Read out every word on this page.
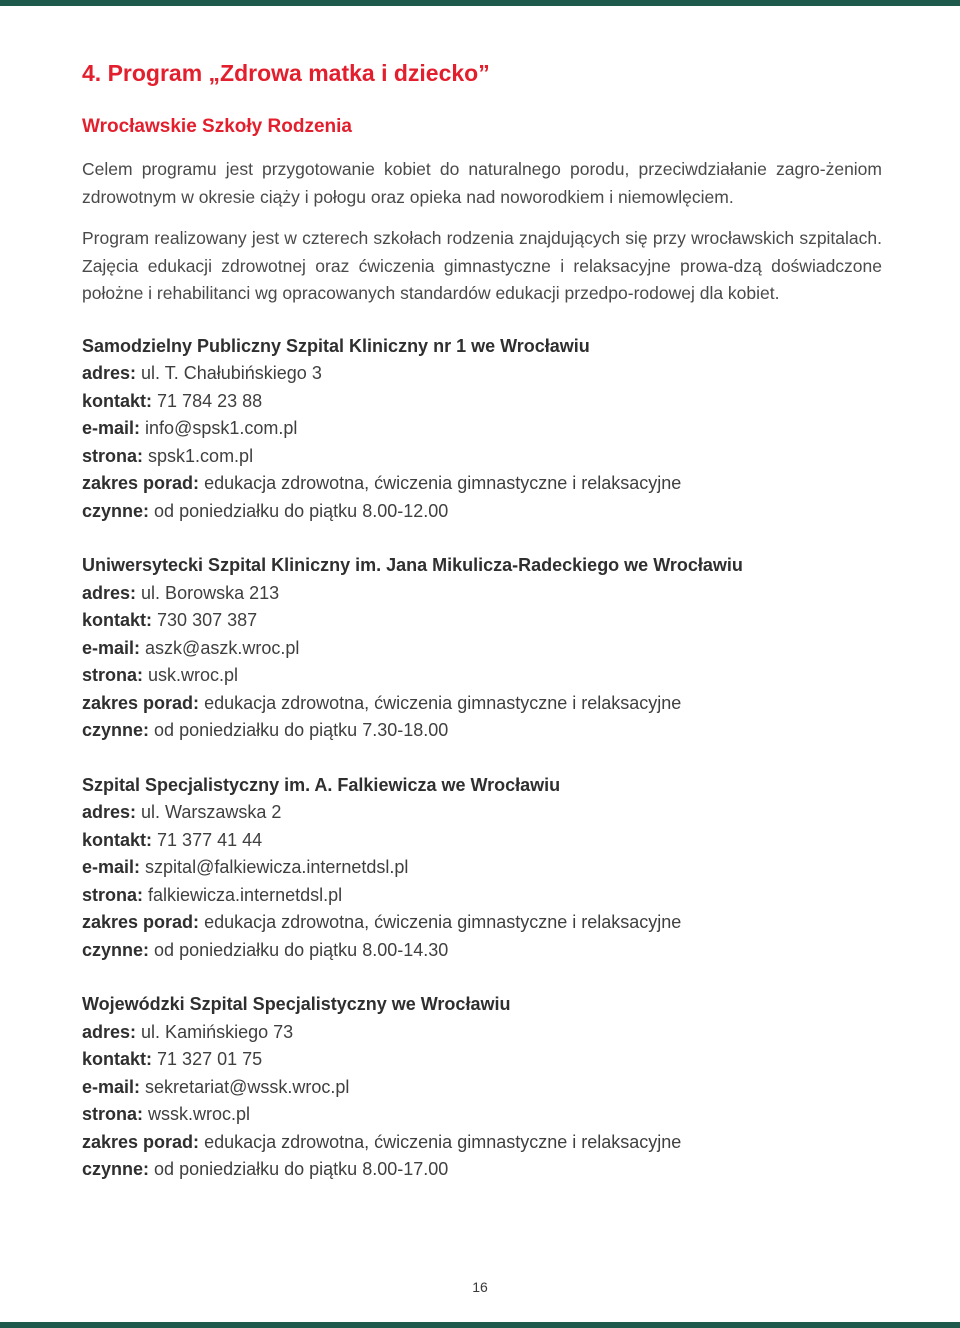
4. Program „Zdrowa matka i dziecko”
Wrocławskie Szkoły Rodzenia

Celem programu jest przygotowanie kobiet do naturalnego porodu, przeciwdziałanie zagro-żeniom zdrowotnym w okresie ciąży i połogu oraz opieka nad noworodkiem i niemowlęciem.

Program realizowany jest w czterech szkołach rodzenia znajdujących się przy wrocławskich szpitalach. Zajęcia edukacji zdrowotnej oraz ćwiczenia gimnastyczne i relaksacyjne prowa-dzą doświadczone położne i rehabilitanci wg opracowanych standardów edukacji przedpo-rodowej dla kobiet.

Samodzielny Publiczny Szpital Kliniczny nr 1 we Wrocławiu
adres: ul. T. Chałubińskiego 3
kontakt: 71 784 23 88
e-mail: info@spsk1.com.pl
strona: spsk1.com.pl
zakres porad: edukacja zdrowotna, ćwiczenia gimnastyczne i relaksacyjne
czynne: od poniedziałku do piątku 8.00-12.00
Uniwersytecki Szpital Kliniczny im. Jana Mikulicza-Radeckiego we Wrocławiu
adres: ul. Borowska 213
kontakt: 730 307 387
e-mail: aszk@aszk.wroc.pl
strona: usk.wroc.pl
zakres porad: edukacja zdrowotna, ćwiczenia gimnastyczne i relaksacyjne
czynne: od poniedziałku do piątku 7.30-18.00
Szpital Specjalistyczny im. A. Falkiewicza we Wrocławiu
adres: ul. Warszawska 2
kontakt: 71 377 41 44
e-mail: szpital@falkiewicza.internetdsl.pl
strona: falkiewicza.internetdsl.pl
zakres porad: edukacja zdrowotna, ćwiczenia gimnastyczne i relaksacyjne
czynne: od poniedziałku do piątku 8.00-14.30
Wojewódzki Szpital Specjalistyczny we Wrocławiu
adres: ul. Kamińskiego 73
kontakt: 71 327 01 75
e-mail: sekretariat@wssk.wroc.pl
strona: wssk.wroc.pl
zakres porad: edukacja zdrowotna, ćwiczenia gimnastyczne i relaksacyjne
czynne: od poniedziałku do piątku 8.00-17.00
16
